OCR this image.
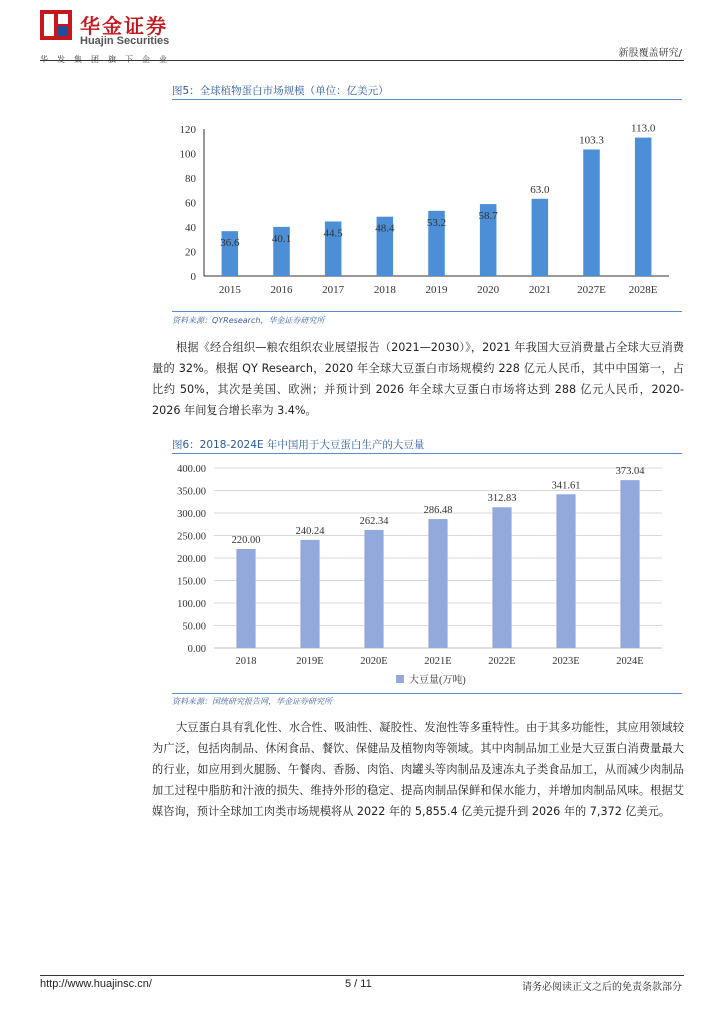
华金证券
Huajin Securities
华发集团旗下企业
新股覆盖研究/
图5：全球植物蛋白市场规模（单位：亿美元）
0
20
40
60
80
100
120
36.6
2015
40.1
2016
44.5
2017
48.4
2018
53.2
2019
58.7
2020
63.0
2021
103.3
2027E
113.0
2028E
资料来源：QYResearch，华金证券研究所
根据《经合组织—粮农组织农业展望报告（2021—2030）》，2021 年我国大豆消费量占全球大豆消费量的 32%。根据 QY Research，2020 年全球大豆蛋白市场规模约 228 亿元人民币，其中中国第一，占比约 50%，其次是美国、欧洲；并预计到 2026 年全球大豆蛋白市场将达到 288 亿元人民币，2020-2026 年间复合增长率为 3.4%。
图6：2018-2024E 年中国用于大豆蛋白生产的大豆量
0.00
50.00
100.00
150.00
200.00
250.00
300.00
350.00
400.00
220.00
2018
240.24
2019E
262.34
2020E
286.48
2021E
312.83
2022E
341.61
2023E
373.04
2024E
大豆量(万吨)
资料来源：国统研究报告网，华金证券研究所
大豆蛋白具有乳化性、水合性、吸油性、凝胶性、发泡性等多重特性。由于其多功能性，其应用领域较为广泛，包括肉制品、休闲食品、餐饮、保健品及植物肉等领域。其中肉制品加工业是大豆蛋白消费量最大的行业，如应用到火腿肠、午餐肉、香肠、肉馅、肉罐头等肉制品及速冻丸子类食品加工，从而减少肉制品加工过程中脂肪和汁液的损失、维持外形的稳定、提高肉制品保鲜和保水能力，并增加肉制品风味。根据艾媒咨询，预计全球加工肉类市场规模将从 2022 年的 5,855.4 亿美元提升到 2026 年的 7,372 亿美元。
http://www.huajinsc.cn/	5 / 11	请务必阅读正文之后的免责条款部分
